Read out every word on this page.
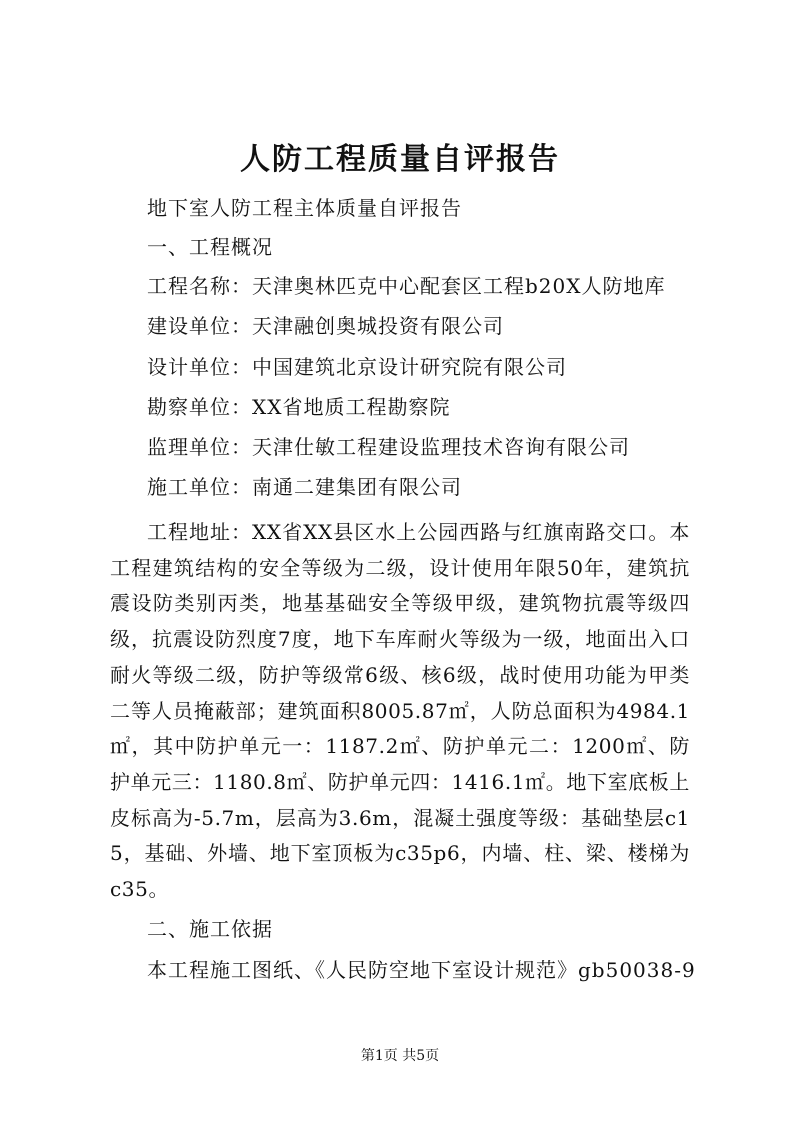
人防工程质量自评报告
地下室人防工程主体质量自评报告
一、工程概况
工程名称：天津奥林匹克中心配套区工程b20X人防地库
建设单位：天津融创奥城投资有限公司
设计单位：中国建筑北京设计研究院有限公司
勘察单位：XX省地质工程勘察院
监理单位：天津仕敏工程建设监理技术咨询有限公司
施工单位：南通二建集团有限公司
工程地址：XX省XX县区水上公园西路与红旗南路交口。本工程建筑结构的安全等级为二级，设计使用年限50年，建筑抗震设防类别丙类，地基基础安全等级甲级，建筑物抗震等级四级，抗震设防烈度7度，地下车库耐火等级为一级，地面出入口耐火等级二级，防护等级常6级、核6级，战时使用功能为甲类二等人员掩蔽部；建筑面积8005.87㎡，人防总面积为4984.1㎡，其中防护单元一：1187.2㎡、防护单元二：1200㎡、防护单元三：1180.8㎡、防护单元四：1416.1㎡。地下室底板上皮标高为-5.7m，层高为3.6m，混凝土强度等级：基础垫层c15，基础、外墙、地下室顶板为c35p6，内墙、柱、梁、楼梯为c35。
二、施工依据
本工程施工图纸、《人民防空地下室设计规范》gb50038-9
第1页 共5页
